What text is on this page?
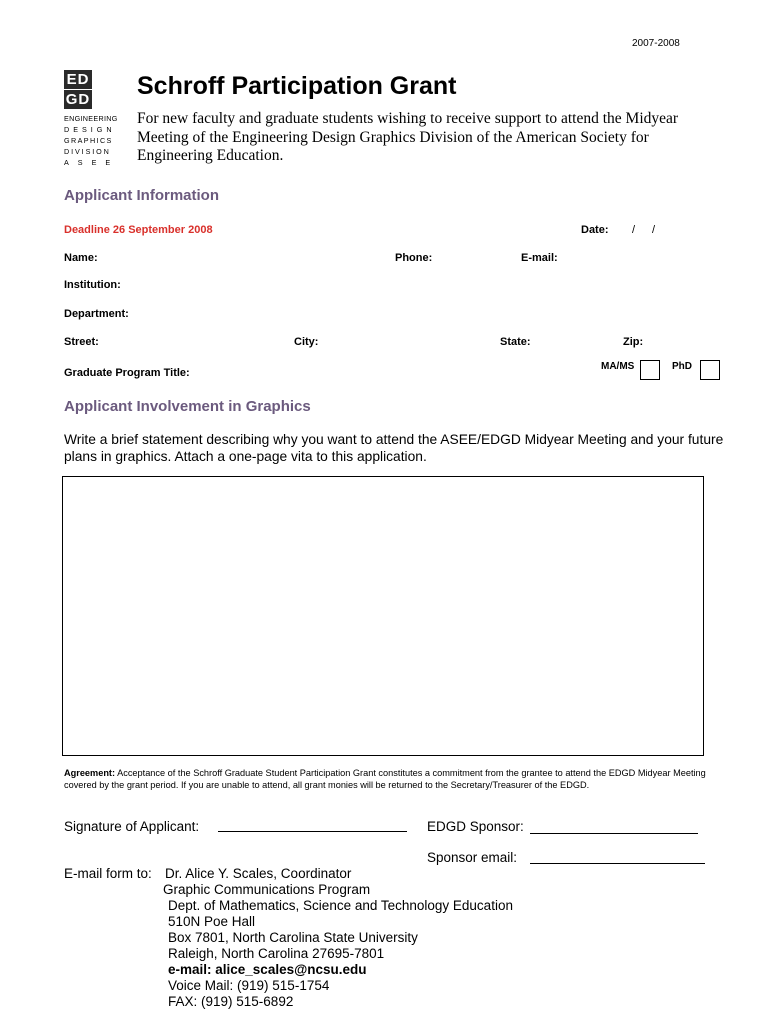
2007-2008
ED
GD
ENGINEERING
DESIGN
GRAPHICS
DIVISION
ASEE
Schroff Participation Grant
For new faculty and graduate students wishing to receive support to attend the Midyear Meeting of the Engineering Design Graphics Division of the American Society for Engineering Education.
Applicant Information
Deadline 26 September 2008	Date: / /
Name:	Phone:	E-mail:
Institution:
Department:
Street:	City:	State:	Zip:
Graduate Program Title:
MA/MS	PhD
Applicant Involvement in Graphics
Write a brief statement describing why you want to attend the ASEE/EDGD Midyear Meeting and your future plans in graphics. Attach a one-page vita to this application.
Agreement: Acceptance of the Schroff Graduate Student Participation Grant constitutes a commitment from the grantee to attend the EDGD Midyear Meeting covered by the grant period. If you are unable to attend, all grant monies will be returned to the Secretary/Treasurer of the EDGD.
Signature of Applicant:	EDGD Sponsor:
Sponsor email:
E-mail form to: Dr. Alice Y. Scales, Coordinator
Graphic Communications Program
Dept. of Mathematics, Science and Technology Education
510N Poe Hall
Box 7801, North Carolina State University
Raleigh, North Carolina 27695-7801
e-mail: alice_scales@ncsu.edu
Voice Mail: (919) 515-1754
FAX: (919) 515-6892
